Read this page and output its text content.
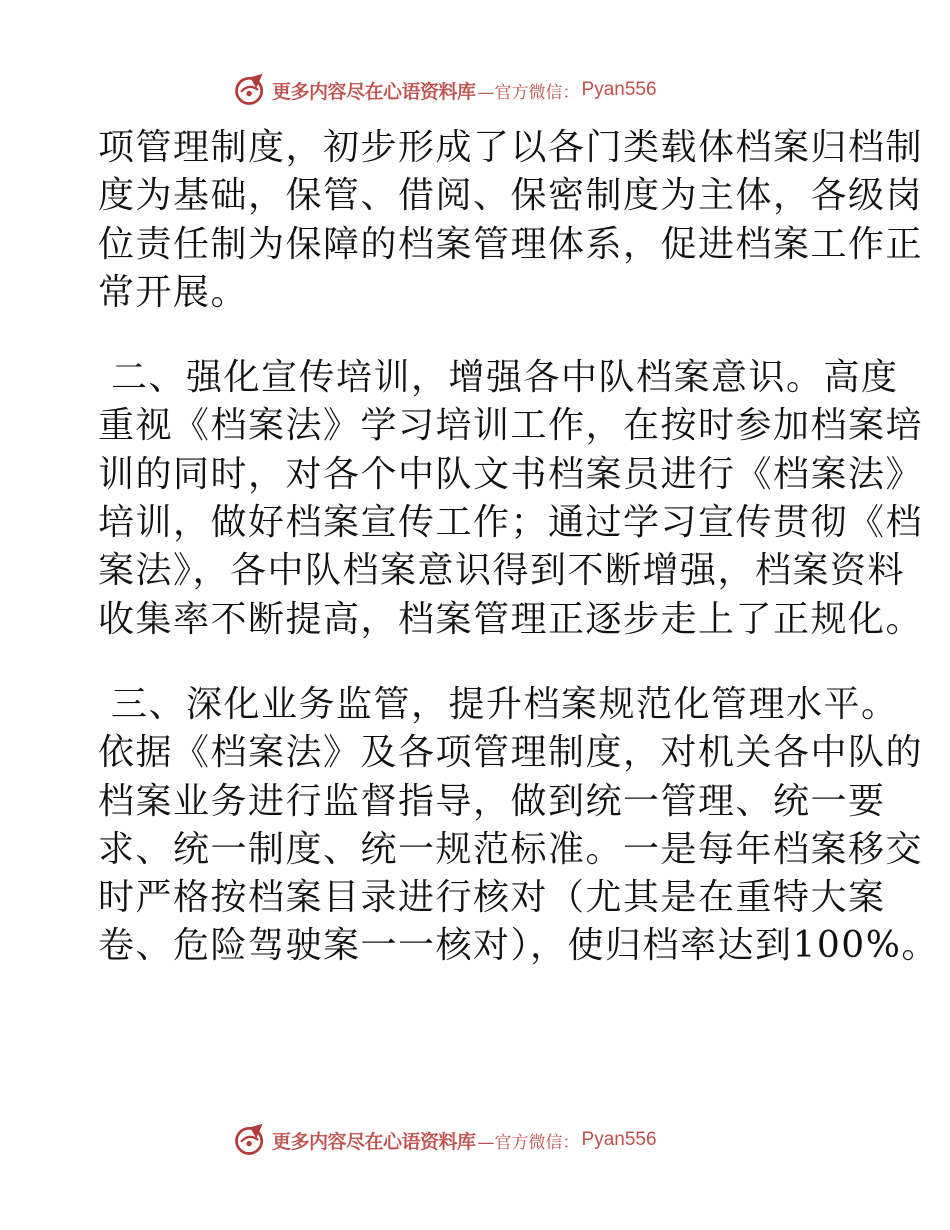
更多内容尽在心语资料库 —官方微信： Pyan556

项管理制度，初步形成了以各门类载体档案归档制
度为基础，保管、借阅、保密制度为主体，各级岗
位责任制为保障的档案管理体系，促进档案工作正
常开展。

二、强化宣传培训，增强各中队档案意识。高度
重视《档案法》学习培训工作，在按时参加档案培
训的同时，对各个中队文书档案员进行《档案法》
培训，做好档案宣传工作；通过学习宣传贯彻《档
案法》，各中队档案意识得到不断增强，档案资料
收集率不断提高，档案管理正逐步走上了正规化。

三、深化业务监管，提升档案规范化管理水平。
依据《档案法》及各项管理制度，对机关各中队的
档案业务进行监督指导，做到统一管理、统一要
求、统一制度、统一规范标准。一是每年档案移交
时严格按档案目录进行核对（尤其是在重特大案
卷、危险驾驶案一一核对），使归档率达到100%。

更多内容尽在心语资料库 —官方微信： Pyan556
